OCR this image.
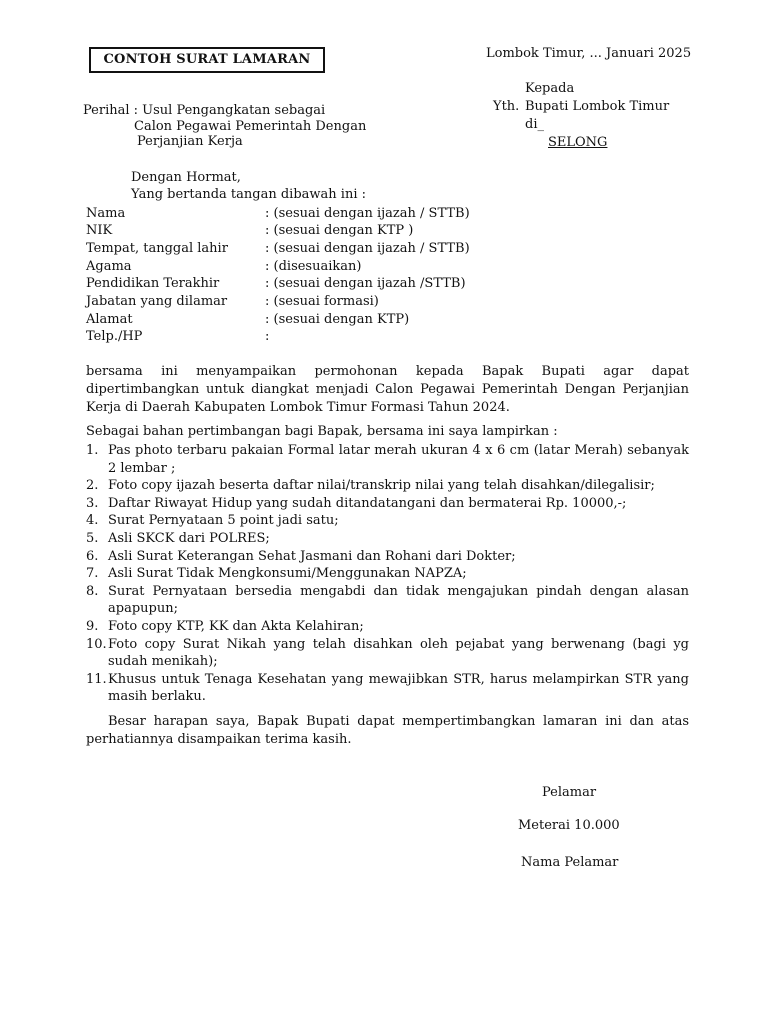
CONTOH SURAT LAMARAN	Lombok Timur, ... Januari 2025
Kepada
Yth. Bupati Lombok Timur
di_
SELONG
Perihal : Usul Pengangkatan sebagai
Calon Pegawai Pemerintah Dengan
Perjanjian Kerja
Dengan Hormat,
Yang bertanda tangan dibawah ini :
Nama	: (sesuai dengan ijazah / STTB)
NIK	: (sesuai dengan KTP )
Tempat, tanggal lahir	: (sesuai dengan ijazah / STTB)
Agama	: (disesuaikan)
Pendidikan Terakhir	: (sesuai dengan ijazah /STTB)
Jabatan yang dilamar	: (sesuai formasi)
Alamat	: (sesuai dengan KTP)
Telp./HP	:
bersama ini menyampaikan permohonan kepada Bapak Bupati agar dapat dipertimbangkan untuk diangkat menjadi Calon Pegawai Pemerintah Dengan Perjanjian Kerja di Daerah Kabupaten Lombok Timur Formasi Tahun 2024.
Sebagai bahan pertimbangan bagi Bapak, bersama ini saya lampirkan :
1. Pas photo terbaru pakaian Formal latar merah ukuran 4 x 6 cm (latar Merah) sebanyak 2 lembar ;
2. Foto copy ijazah beserta daftar nilai/transkrip nilai yang telah disahkan/dilegalisir;
3. Daftar Riwayat Hidup yang sudah ditandatangani dan bermaterai Rp. 10000,-;
4. Surat Pernyataan 5 point jadi satu;
5. Asli SKCK dari POLRES;
6. Asli Surat Keterangan Sehat Jasmani dan Rohani dari Dokter;
7. Asli Surat Tidak Mengkonsumi/Menggunakan NAPZA;
8. Surat Pernyataan bersedia mengabdi dan tidak mengajukan pindah dengan alasan apapupun;
9. Foto copy KTP, KK dan Akta Kelahiran;
10. Foto copy Surat Nikah yang telah disahkan oleh pejabat yang berwenang (bagi yg sudah menikah);
11. Khusus untuk Tenaga Kesehatan yang mewajibkan STR, harus melampirkan STR yang masih berlaku.
Besar harapan saya, Bapak Bupati dapat mempertimbangkan lamaran ini dan atas perhatiannya disampaikan terima kasih.
Pelamar
Meterai 10.000
Nama Pelamar
